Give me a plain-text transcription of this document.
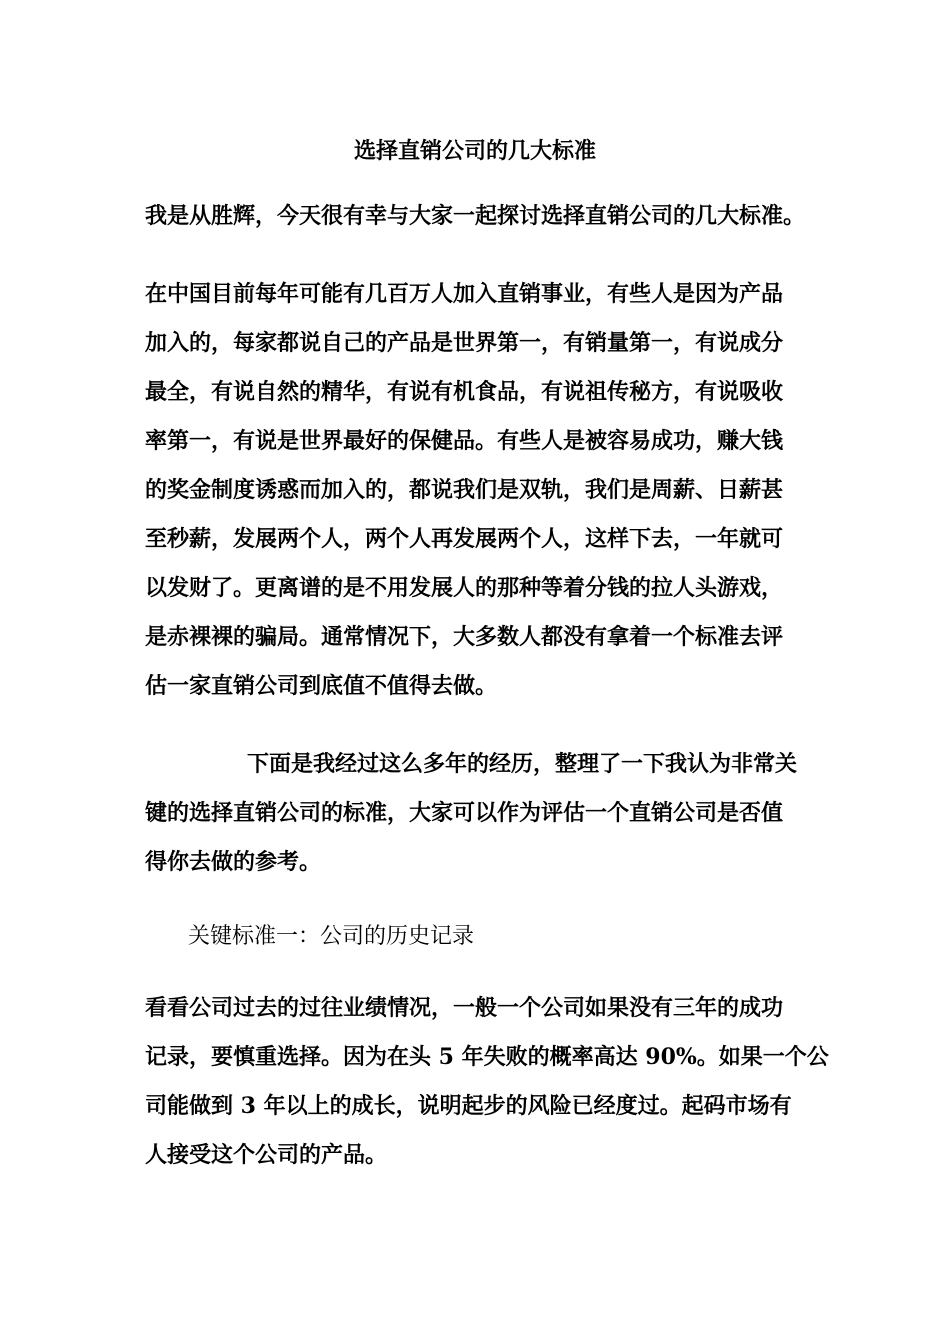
选择直销公司的几大标准
我是从胜辉，今天很有幸与大家一起探讨选择直销公司的几大标准。
在中国目前每年可能有几百万人加入直销事业，有些人是因为产品
加入的，每家都说自己的产品是世界第一，有销量第一，有说成分
最全，有说自然的精华，有说有机食品，有说祖传秘方，有说吸收
率第一，有说是世界最好的保健品。有些人是被容易成功，赚大钱
的奖金制度诱惑而加入的，都说我们是双轨，我们是周薪、日薪甚
至秒薪，发展两个人，两个人再发展两个人，这样下去，一年就可
以发财了。更离谱的是不用发展人的那种等着分钱的拉人头游戏，
是赤裸裸的骗局。通常情况下，大多数人都没有拿着一个标准去评
估一家直销公司到底值不值得去做。
下面是我经过这么多年的经历，整理了一下我认为非常关
键的选择直销公司的标准，大家可以作为评估一个直销公司是否值
得你去做的参考。
关键标准一：公司的历史记录
看看公司过去的过往业绩情况，一般一个公司如果没有三年的成功
记录，要慎重选择。因为在头 5 年失败的概率高达 90%。如果一个公
司能做到 3 年以上的成长，说明起步的风险已经度过。起码市场有
人接受这个公司的产品。
